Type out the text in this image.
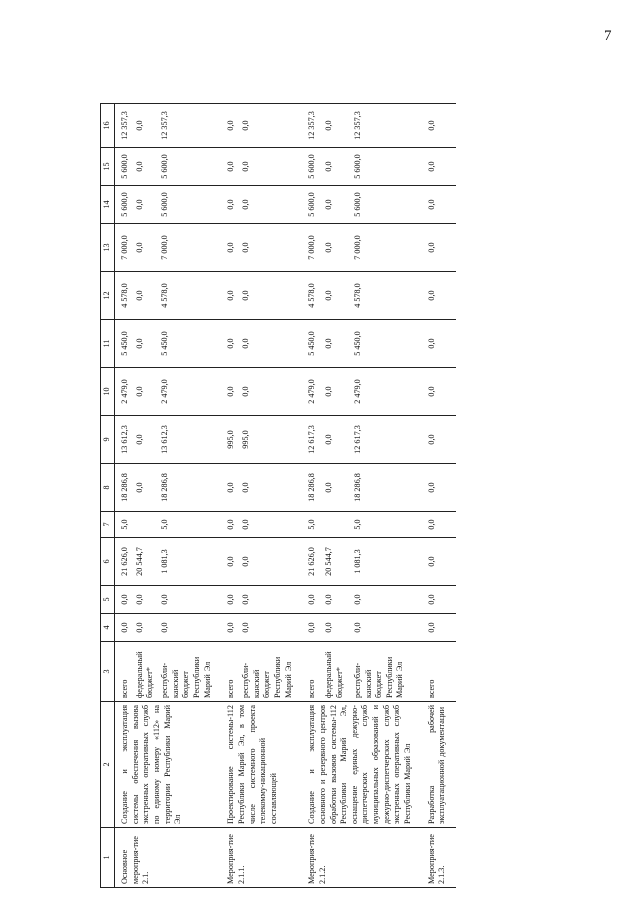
7
1	2	3	4	5	6	7	8	9	10	11	12	13	14	15	16
Основное мероприя-тие 2.1.	Создание и эксплуатация системы обеспечения вызова экстренных оперативных служб по единому номеру «112» на территории Республики Марий Эл	всего	0,0	0,0	21 626,0	5,0	18 286,8	13 612,3	2 479,0	5 450,0	4 578,0	7 000,0	5 600,0	5 600,0	12 357,3
		федеральный бюджет*	0,0	0,0	20 544,7		0,0	0,0	0,0	0,0	0,0	0,0	0,0	0,0	0,0
		республи-канский бюджет Республики Марий Эл	0,0	0,0	1 081,3	5,0	18 286,8	13 612,3	2 479,0	5 450,0	4 578,0	7 000,0	5 600,0	5 600,0	12 357,3

Мероприя-тие 2.1.1.	Проектирование системы-112 Республики Марий Эл, в том числе системного проекта телекомму-никационной составляющей	всего	0,0	0,0	0,0	0,0	0,0	995,0	0,0	0,0	0,0	0,0	0,0	0,0	0,0
		республи-канский бюджет Республики Марий Эл	0,0	0,0	0,0	0,0	0,0	995,0	0,0	0,0	0,0	0,0	0,0	0,0	0,0

Мероприя-тие 2.1.2.	Создание и эксплуатация основного и резервного центров обработки вызовов системы-112 Республики Марий Эл, оснащение единых дежурно-диспетчерских служб муниципальных образований и дежурно-диспетчерских служб экстренных оперативных служб Республики Марий Эл	всего	0,0	0,0	21 626,0	5,0	18 286,8	12 617,3	2 479,0	5 450,0	4 578,0	7 000,0	5 600,0	5 600,0	12 357,3
		федеральный бюджет*	0,0	0,0	20 544,7		0,0	0,0	0,0	0,0	0,0	0,0	0,0	0,0	0,0
		республи-канский бюджет Республики Марий Эл	0,0	0,0	1 081,3	5,0	18 286,8	12 617,3	2 479,0	5 450,0	4 578,0	7 000,0	5 600,0	5 600,0	12 357,3

Мероприя-тие 2.1.3.	Разработка рабочей эксплуатационной документации	всего	0,0	0,0	0,0	0,0	0,0	0,0	0,0	0,0	0,0	0,0	0,0	0,0	0,0
